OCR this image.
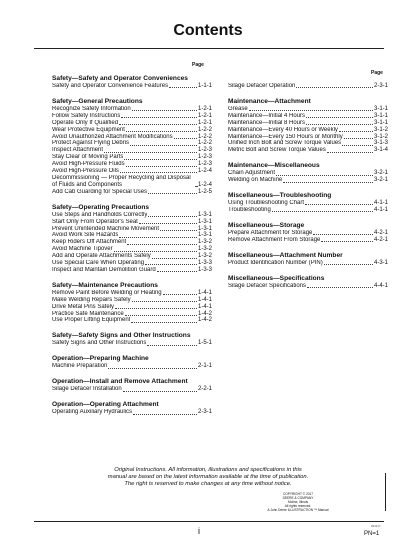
Contents
Page
Page
Safety—Safety and Operator Conveniences
Safety and Operator Convenience Features	1-1-1
Safety—General Precautions
Recognize Safety Information	1-2-1
Follow Safety Instructions	1-2-1
Operate Only If Qualified	1-2-1
Wear Protective Equipment	1-2-2
Avoid Unauthorized Attachment Modifications	1-2-2
Protect Against Flying Debris	1-2-2
Inspect Attachment	1-2-3
Stay Clear of Moving Parts	1-2-3
Avoid High-Pressure Fluids	1-2-3
Avoid High-Pressure Oils	1-2-4
Decommissioning — Proper Recycling and Disposal of Fluids and Components	1-2-4
Add Cab Guarding for Special Uses	1-2-5
Safety—Operating Precautions
Use Steps and Handholds Correctly	1-3-1
Start Only From Operator's Seat	1-3-1
Prevent Unintended Machine Movement	1-3-1
Avoid Work Site Hazards	1-3-1
Keep Riders Off Attachment	1-3-2
Avoid Machine Tipover	1-3-2
Add and Operate Attachments Safely	1-3-2
Use Special Care When Operating	1-3-3
Inspect and Maintain Demolition Guard	1-3-3
Safety—Maintenance Precautions
Remove Paint Before Welding or Heating	1-4-1
Make Welding Repairs Safely	1-4-1
Drive Metal Pins Safely	1-4-1
Practice Safe Maintenance	1-4-2
Use Proper Lifting Equipment	1-4-2
Safety—Safety Signs and Other Instructions
Safety Signs and Other Instructions	1-5-1
Operation—Preparing Machine
Machine Preparation	2-1-1
Operation—Install and Remove Attachment
Silage Defacer Installation	2-2-1
Operation—Operating Attachment
Operating Auxiliary Hydraulics	2-3-1
Silage Defacer Operation	2-3-1
Maintenance—Attachment
Grease	3-1-1
Maintenance—Initial 4 Hours	3-1-1
Maintenance—Initial 8 Hours	3-1-1
Maintenance—Every 40 Hours or Weekly	3-1-2
Maintenance—Every 150 Hours or Monthly	3-1-2
Unified Inch Bolt and Screw Torque Values	3-1-3
Metric Bolt and Screw Torque Values	3-1-4
Maintenance—Miscellaneous
Chain Adjustment	3-2-1
Welding on Machine	3-2-1
Miscellaneous—Troubleshooting
Using Troubleshooting Chart	4-1-1
Troubleshooting	4-1-1
Miscellaneous—Storage
Prepare Attachment for Storage	4-2-1
Remove Attachment From Storage	4-2-1
Miscellaneous—Attachment Number
Product Identification Number (PIN)	4-3-1
Miscellaneous—Specifications
Silage Defacer Specifications	4-4-1
Original Instructions. All information, illustrations and specifications in this
manual are based on the latest information available at the time of publication.
The right is reserved to make changes at any time without notice.
COPYRIGHT © 2017
DEERE & COMPANY
Moline, Illinois
All rights reserved.
A John Deere ILLUSTRUCTION ™ Manual
i	091117
PN=1
